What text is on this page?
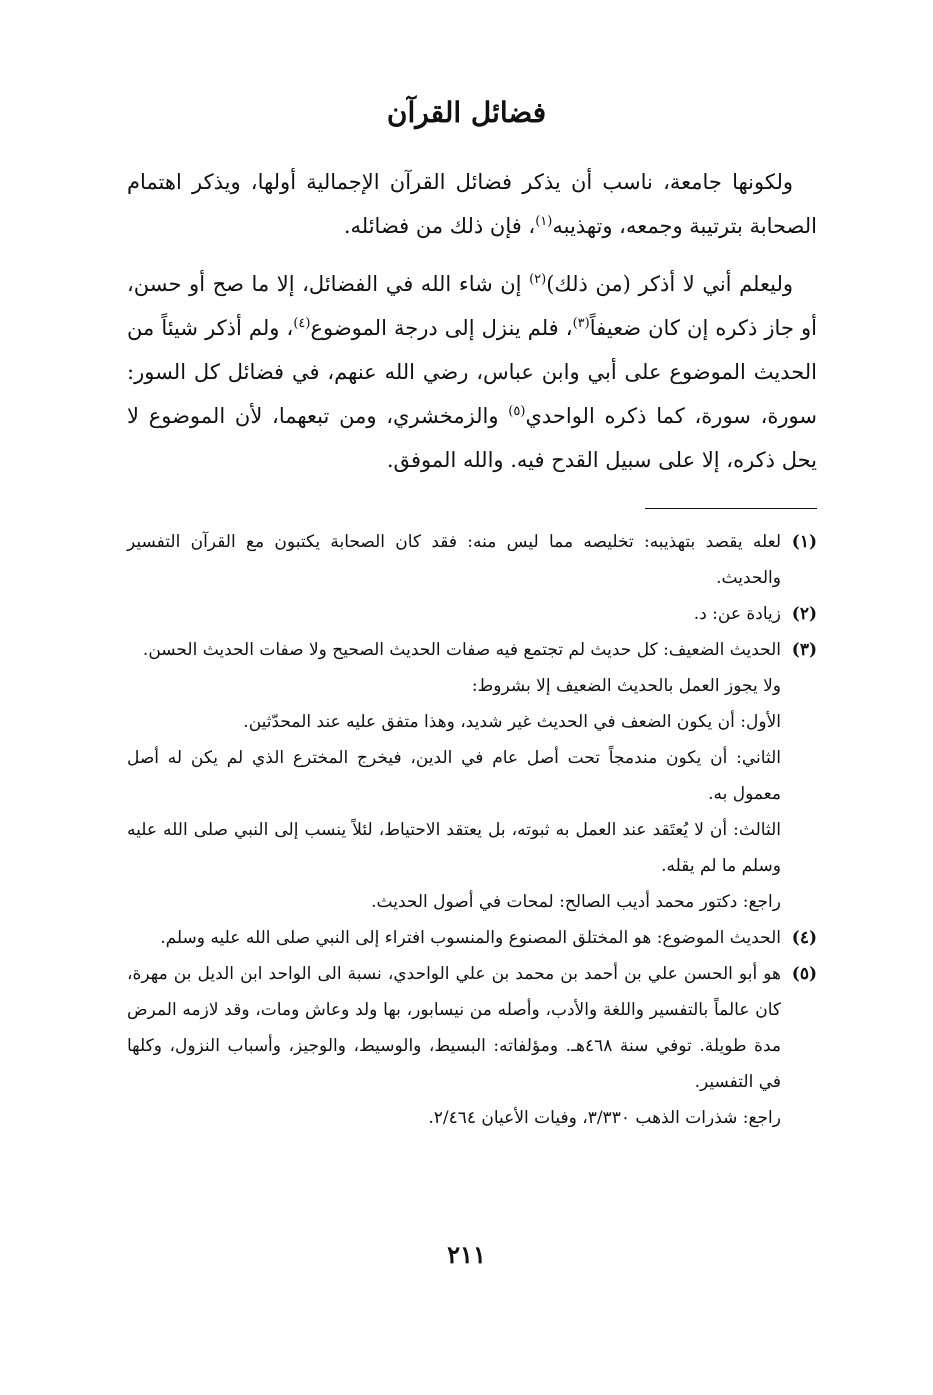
فضائل القرآن

ولكونها جامعة، ناسب أن يذكر فضائل القرآن الإجمالية أولها، ويذكر اهتمام الصحابة بترتيبة وجمعه، وتهذيبه$^{(١)}$، فإن ذلك من فضائله.

وليعلم أني لا أذكر (من ذلك)$^{(٢)}$ إن شاء الله في الفضائل، إلا ما صح أو حسن، أو جاز ذكره إن كان ضعيفاً$^{(٣)}$، فلم ينزل إلى درجة الموضوع$^{(٤)}$، ولم أذكر شيئاً من الحديث الموضوع على أبي وابن عباس، رضي الله عنهم، في فضائل كل السور: سورة، سورة، كما ذكره الواحدي$^{(٥)}$ والزمخشري، ومن تبعهما، لأن الموضوع لا يحل ذكره، إلا على سبيل القدح فيه. والله الموفق.

(١)
لعله يقصد بتهذيبه: تخليصه مما ليس منه: فقد كان الصحابة يكتبون مع القرآن التفسير والحديث.
(٢)
زيادة عن: د.
(٣)
الحديث الضعيف: كل حديث لم تجتمع فيه صفات الحديث الصحيح ولا صفات الحديث الحسن.
ولا يجوز العمل بالحديث الضعيف إلا بشروط:
الأول: أن يكون الضعف في الحديث غير شديد، وهذا متفق عليه عند المحدّثين.
الثاني: أن يكون مندمجاً تحت أصل عام في الدين، فيخرج المخترع الذي لم يكن له أصل معمول به.
الثالث: أن لا يُعتَقد عند العمل به ثبوته، بل يعتقد الاحتياط، لئلاً ينسب إلى النبي صلى الله عليه وسلم ما لم يقله.
راجع: دكتور محمد أديب الصالح: لمحات في أصول الحديث.
(٤)
الحديث الموضوع: هو المختلق المصنوع والمنسوب افتراء إلى النبي صلى الله عليه وسلم.
(٥)
هو أبو الحسن علي بن أحمد بن محمد بن علي الواحدي، نسبة الى الواحد ابن الديل بن مهرة، كان عالماً بالتفسير واللغة والأدب، وأصله من نيسابور، بها ولد وعاش ومات، وقد لازمه المرض مدة طويلة. توفي سنة ٤٦٨هـ. ومؤلفاته: البسيط، والوسيط، والوجيز، وأسباب النزول، وكلها في التفسير.
راجع: شذرات الذهب ٣/٣٣٠، وفيات الأعيان ٢/٤٦٤.
٢١١
